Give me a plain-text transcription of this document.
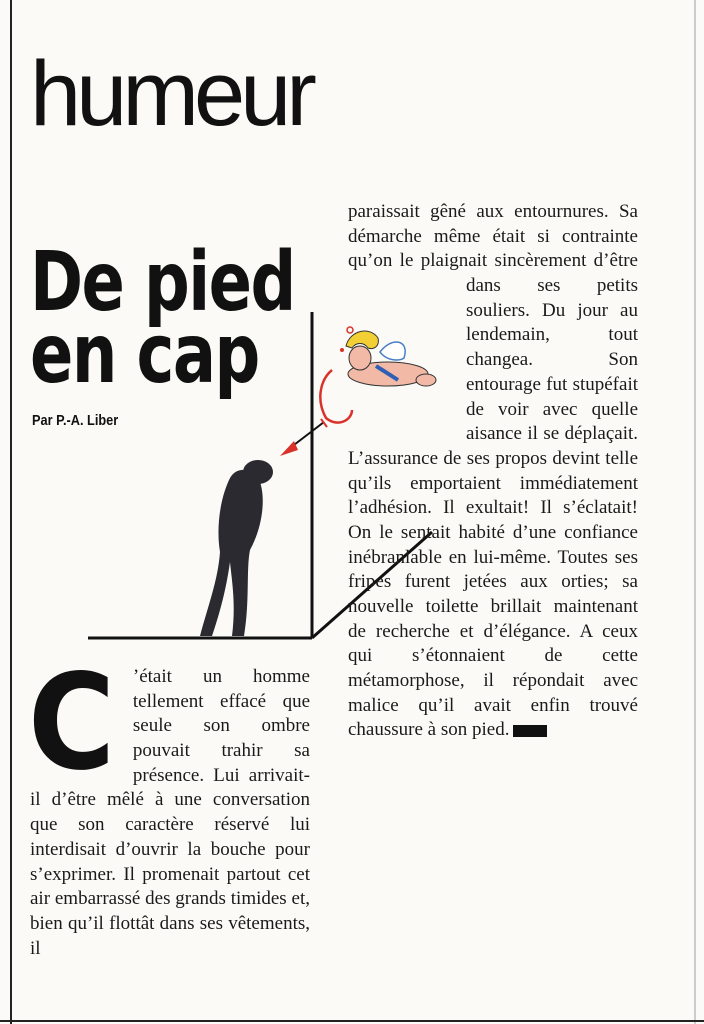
humeur
De pied
en cap
Par P.-A. Liber

C ’était un homme tellement effacé que seule son ombre pouvait trahir sa présence. Lui arrivait-il d’être mêlé à une conversation que son caractère réservé lui interdisait d’ouvrir la bouche pour s’exprimer. Il promenait partout cet air embarrassé des grands timides et, bien qu’il flottât dans ses vêtements, il

paraissait gêné aux entournures. Sa démarche même était si contrainte qu’on le plaignait sincèrement d’être dans ses petits souliers. Du jour au lendemain, tout changea. Son entourage fut stupéfait de voir avec quelle aisance il se déplaçait. L’assurance de ses propos devint telle qu’ils emportaient immédiatement l’adhésion. Il exultait! Il s’éclatait! On le sentait habité d’une confiance inébranlable en lui-même. Toutes ses fripes furent jetées aux orties; sa nouvelle toilette brillait maintenant de recherche et d’élégance. A ceux qui s’étonnaient de cette métamorphose, il répondait avec malice qu’il avait enfin trouvé chaussure à son pied.
